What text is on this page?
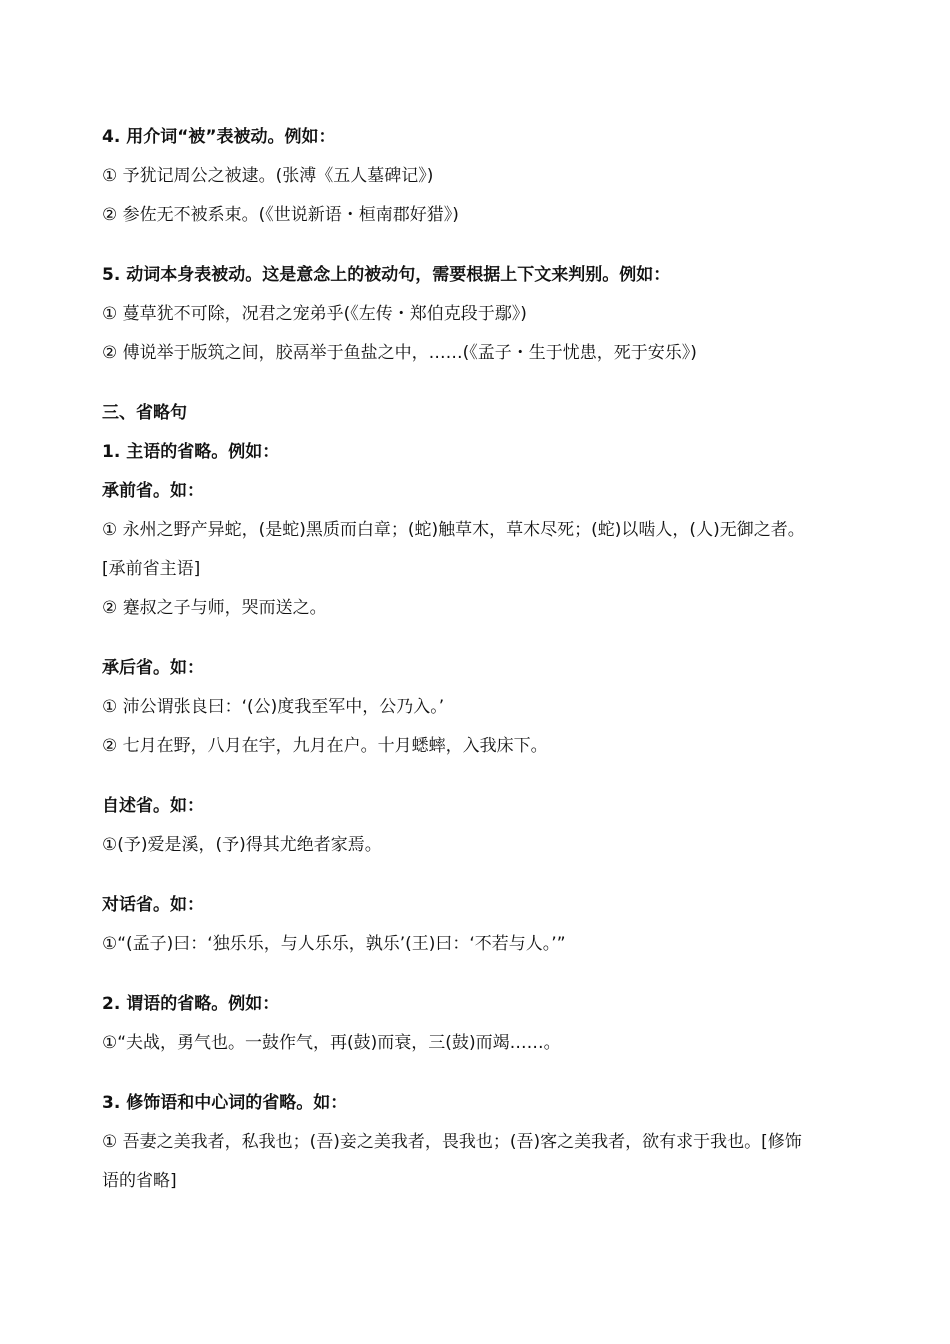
4. 用介词“被”表被动。例如：
① 予犹记周公之被逮。(张溥《五人墓碑记》)
② 参佐无不被系束。(《世说新语・桓南郡好猎》)
5. 动词本身表被动。这是意念上的被动句，需要根据上下文来判别。例如：
① 蔓草犹不可除，况君之宠弟乎(《左传・郑伯克段于鄢》)
② 傅说举于版筑之间，胶鬲举于鱼盐之中，……(《孟子・生于忧患，死于安乐》)
三、省略句
1. 主语的省略。例如：
承前省。如：
① 永州之野产异蛇，(是蛇)黑质而白章；(蛇)触草木，草木尽死；(蛇)以啮人，(人)无御之者。
[承前省主语]
② 蹇叔之子与师，哭而送之。
承后省。如：
① 沛公谓张良曰：‘(公)度我至军中，公乃入。’
② 七月在野，八月在宇，九月在户。十月蟋蟀，入我床下。
自述省。如：
①(予)爱是溪，(予)得其尤绝者家焉。
对话省。如：
①“(孟子)曰：‘独乐乐，与人乐乐，孰乐’(王)曰：‘不若与人。’”
2. 谓语的省略。例如：
①“夫战，勇气也。一鼓作气，再(鼓)而衰，三(鼓)而竭……。
3. 修饰语和中心词的省略。如：
① 吾妻之美我者，私我也；(吾)妾之美我者，畏我也；(吾)客之美我者，欲有求于我也。[修饰
语的省略]
